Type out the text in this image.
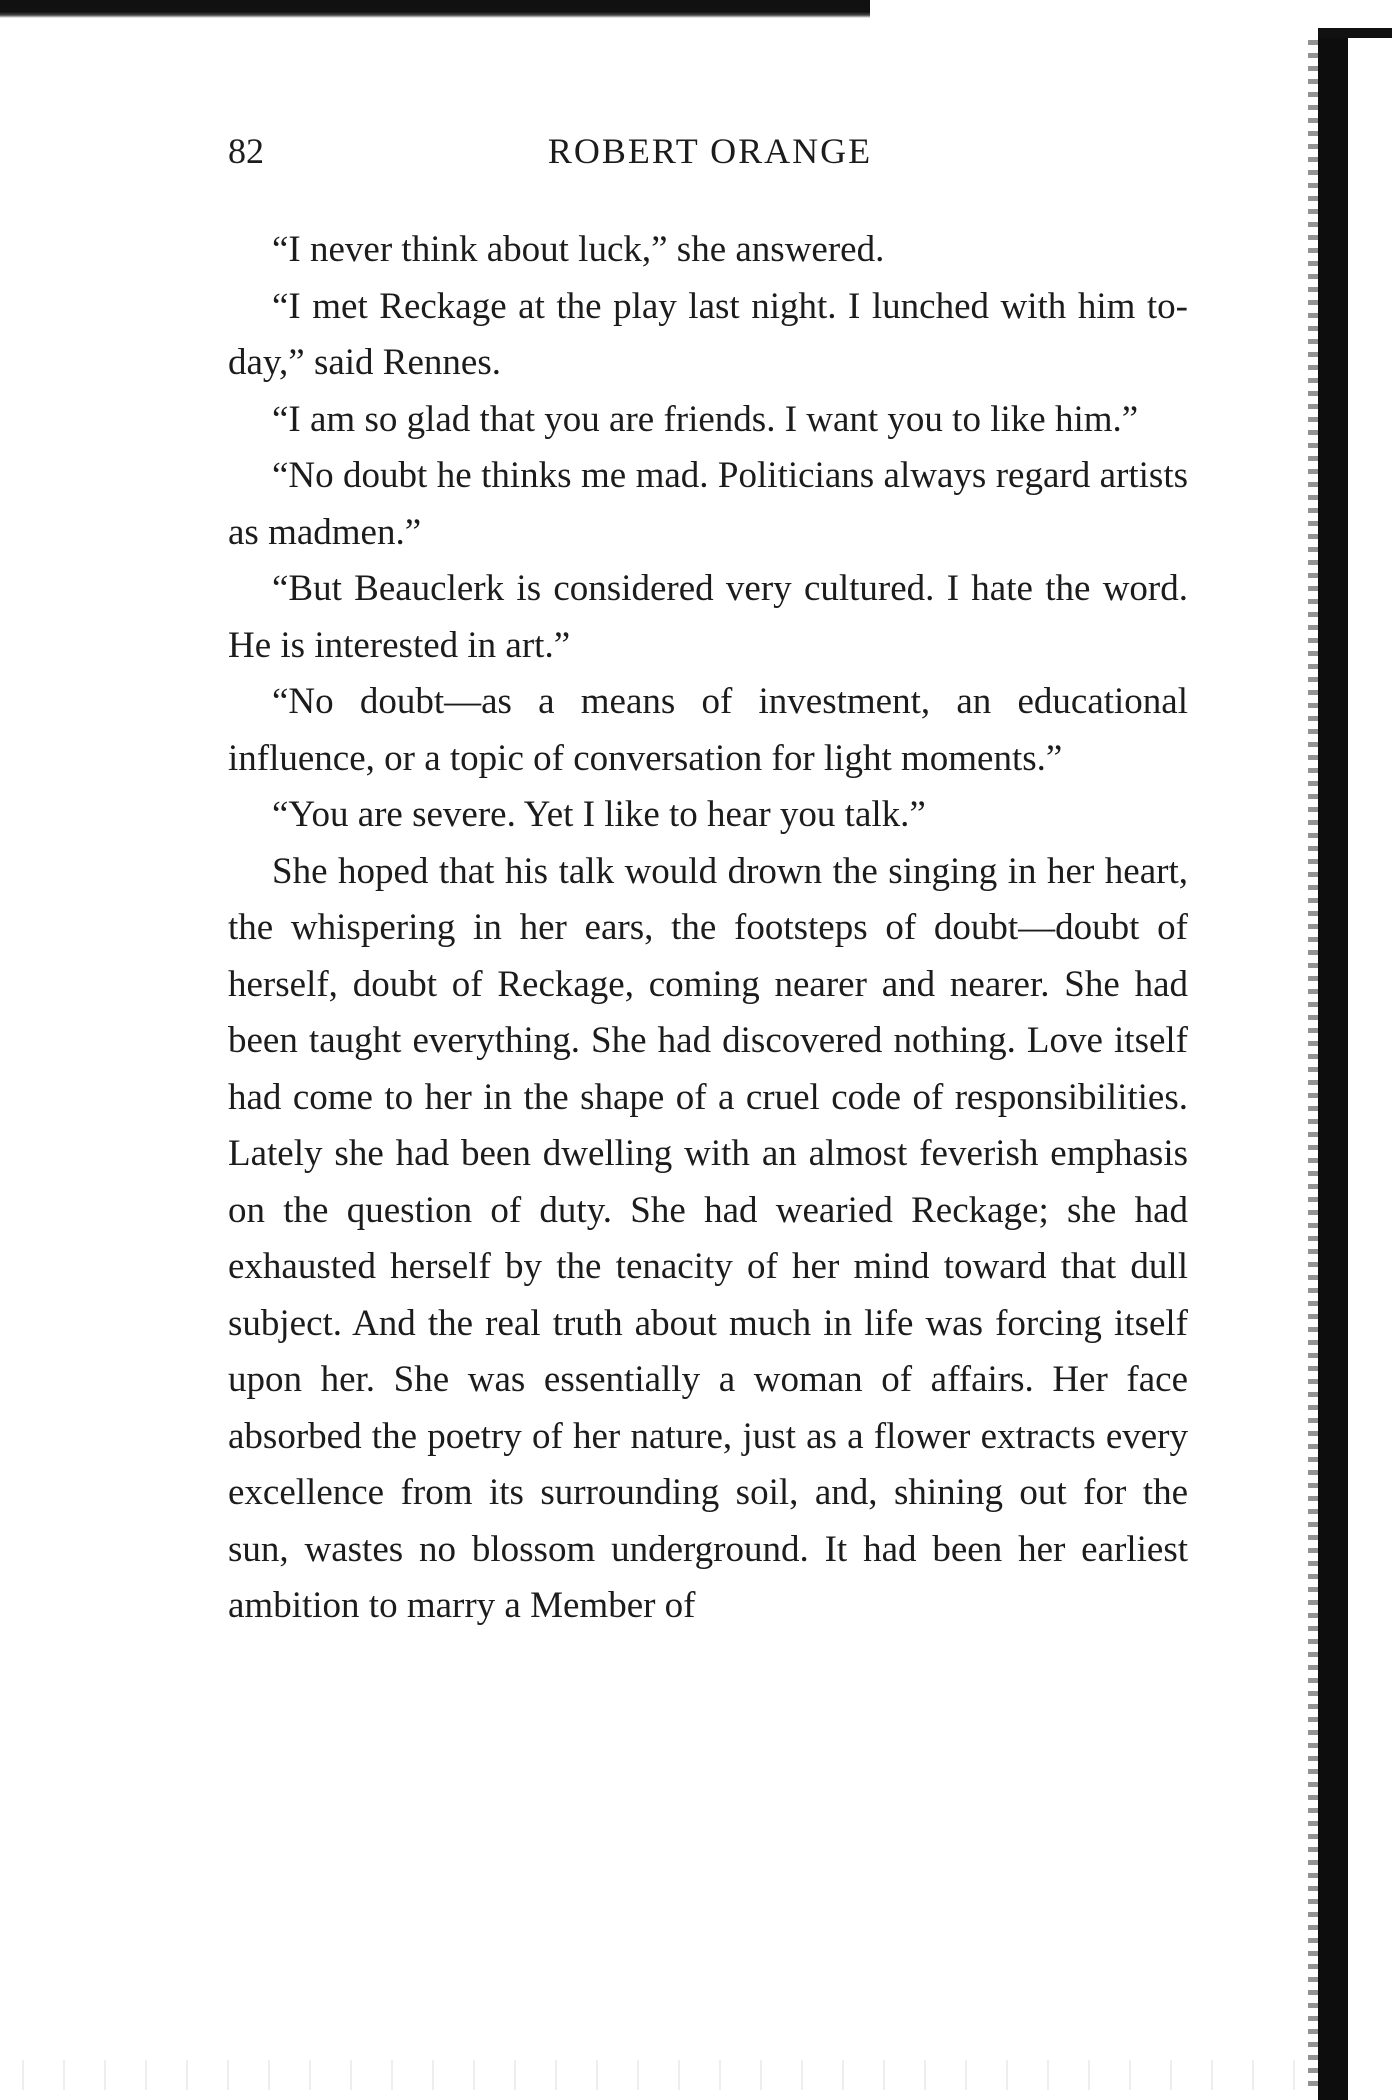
82	ROBERT ORANGE

“I never think about luck,” she answered.

“I met Reckage at the play last night. I lunched with him to-day,” said Rennes.

“I am so glad that you are friends. I want you to like him.”

“No doubt he thinks me mad. Politicians always regard artists as madmen.”

“But Beauclerk is considered very cultured. I hate the word. He is interested in art.”

“No doubt—as a means of investment, an educational influence, or a topic of conversation for light moments.”

“You are severe. Yet I like to hear you talk.”

She hoped that his talk would drown the singing in her heart, the whispering in her ears, the footsteps of doubt—doubt of herself, doubt of Reckage, coming nearer and nearer. She had been taught everything. She had discovered nothing. Love itself had come to her in the shape of a cruel code of responsibilities. Lately she had been dwelling with an almost feverish emphasis on the question of duty. She had wearied Reckage; she had exhausted herself by the tenacity of her mind toward that dull subject. And the real truth about much in life was forcing itself upon her. She was essentially a woman of affairs. Her face absorbed the poetry of her nature, just as a flower extracts every excellence from its surrounding soil, and, shining out for the sun, wastes no blossom underground. It had been her earliest ambition to marry a Member of
